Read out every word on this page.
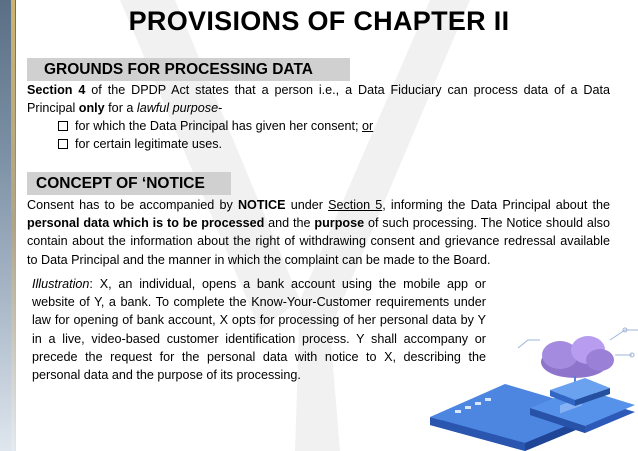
PROVISIONS OF CHAPTER II
GROUNDS FOR PROCESSING DATA
Section 4 of the DPDP Act states that a person i.e., a Data Fiduciary can process data of a Data Principal only for a lawful purpose-
for which the Data Principal has given her consent; or
for certain legitimate uses.
CONCEPT OF ‘NOTICE
Consent has to be accompanied by NOTICE under Section 5, informing the Data Principal about the personal data which is to be processed and the purpose of such processing. The Notice should also contain about the information about the right of withdrawing consent and grievance redressal available to Data Principal and the manner in which the complaint can be made to the Board.
Illustration: X, an individual, opens a bank account using the mobile app or website of Y, a bank. To complete the Know-Your-Customer requirements under law for opening of bank account, X opts for processing of her personal data by Y in a live, video-based customer identification process. Y shall accompany or precede the request for the personal data with notice to X, describing the personal data and the purpose of its processing.
